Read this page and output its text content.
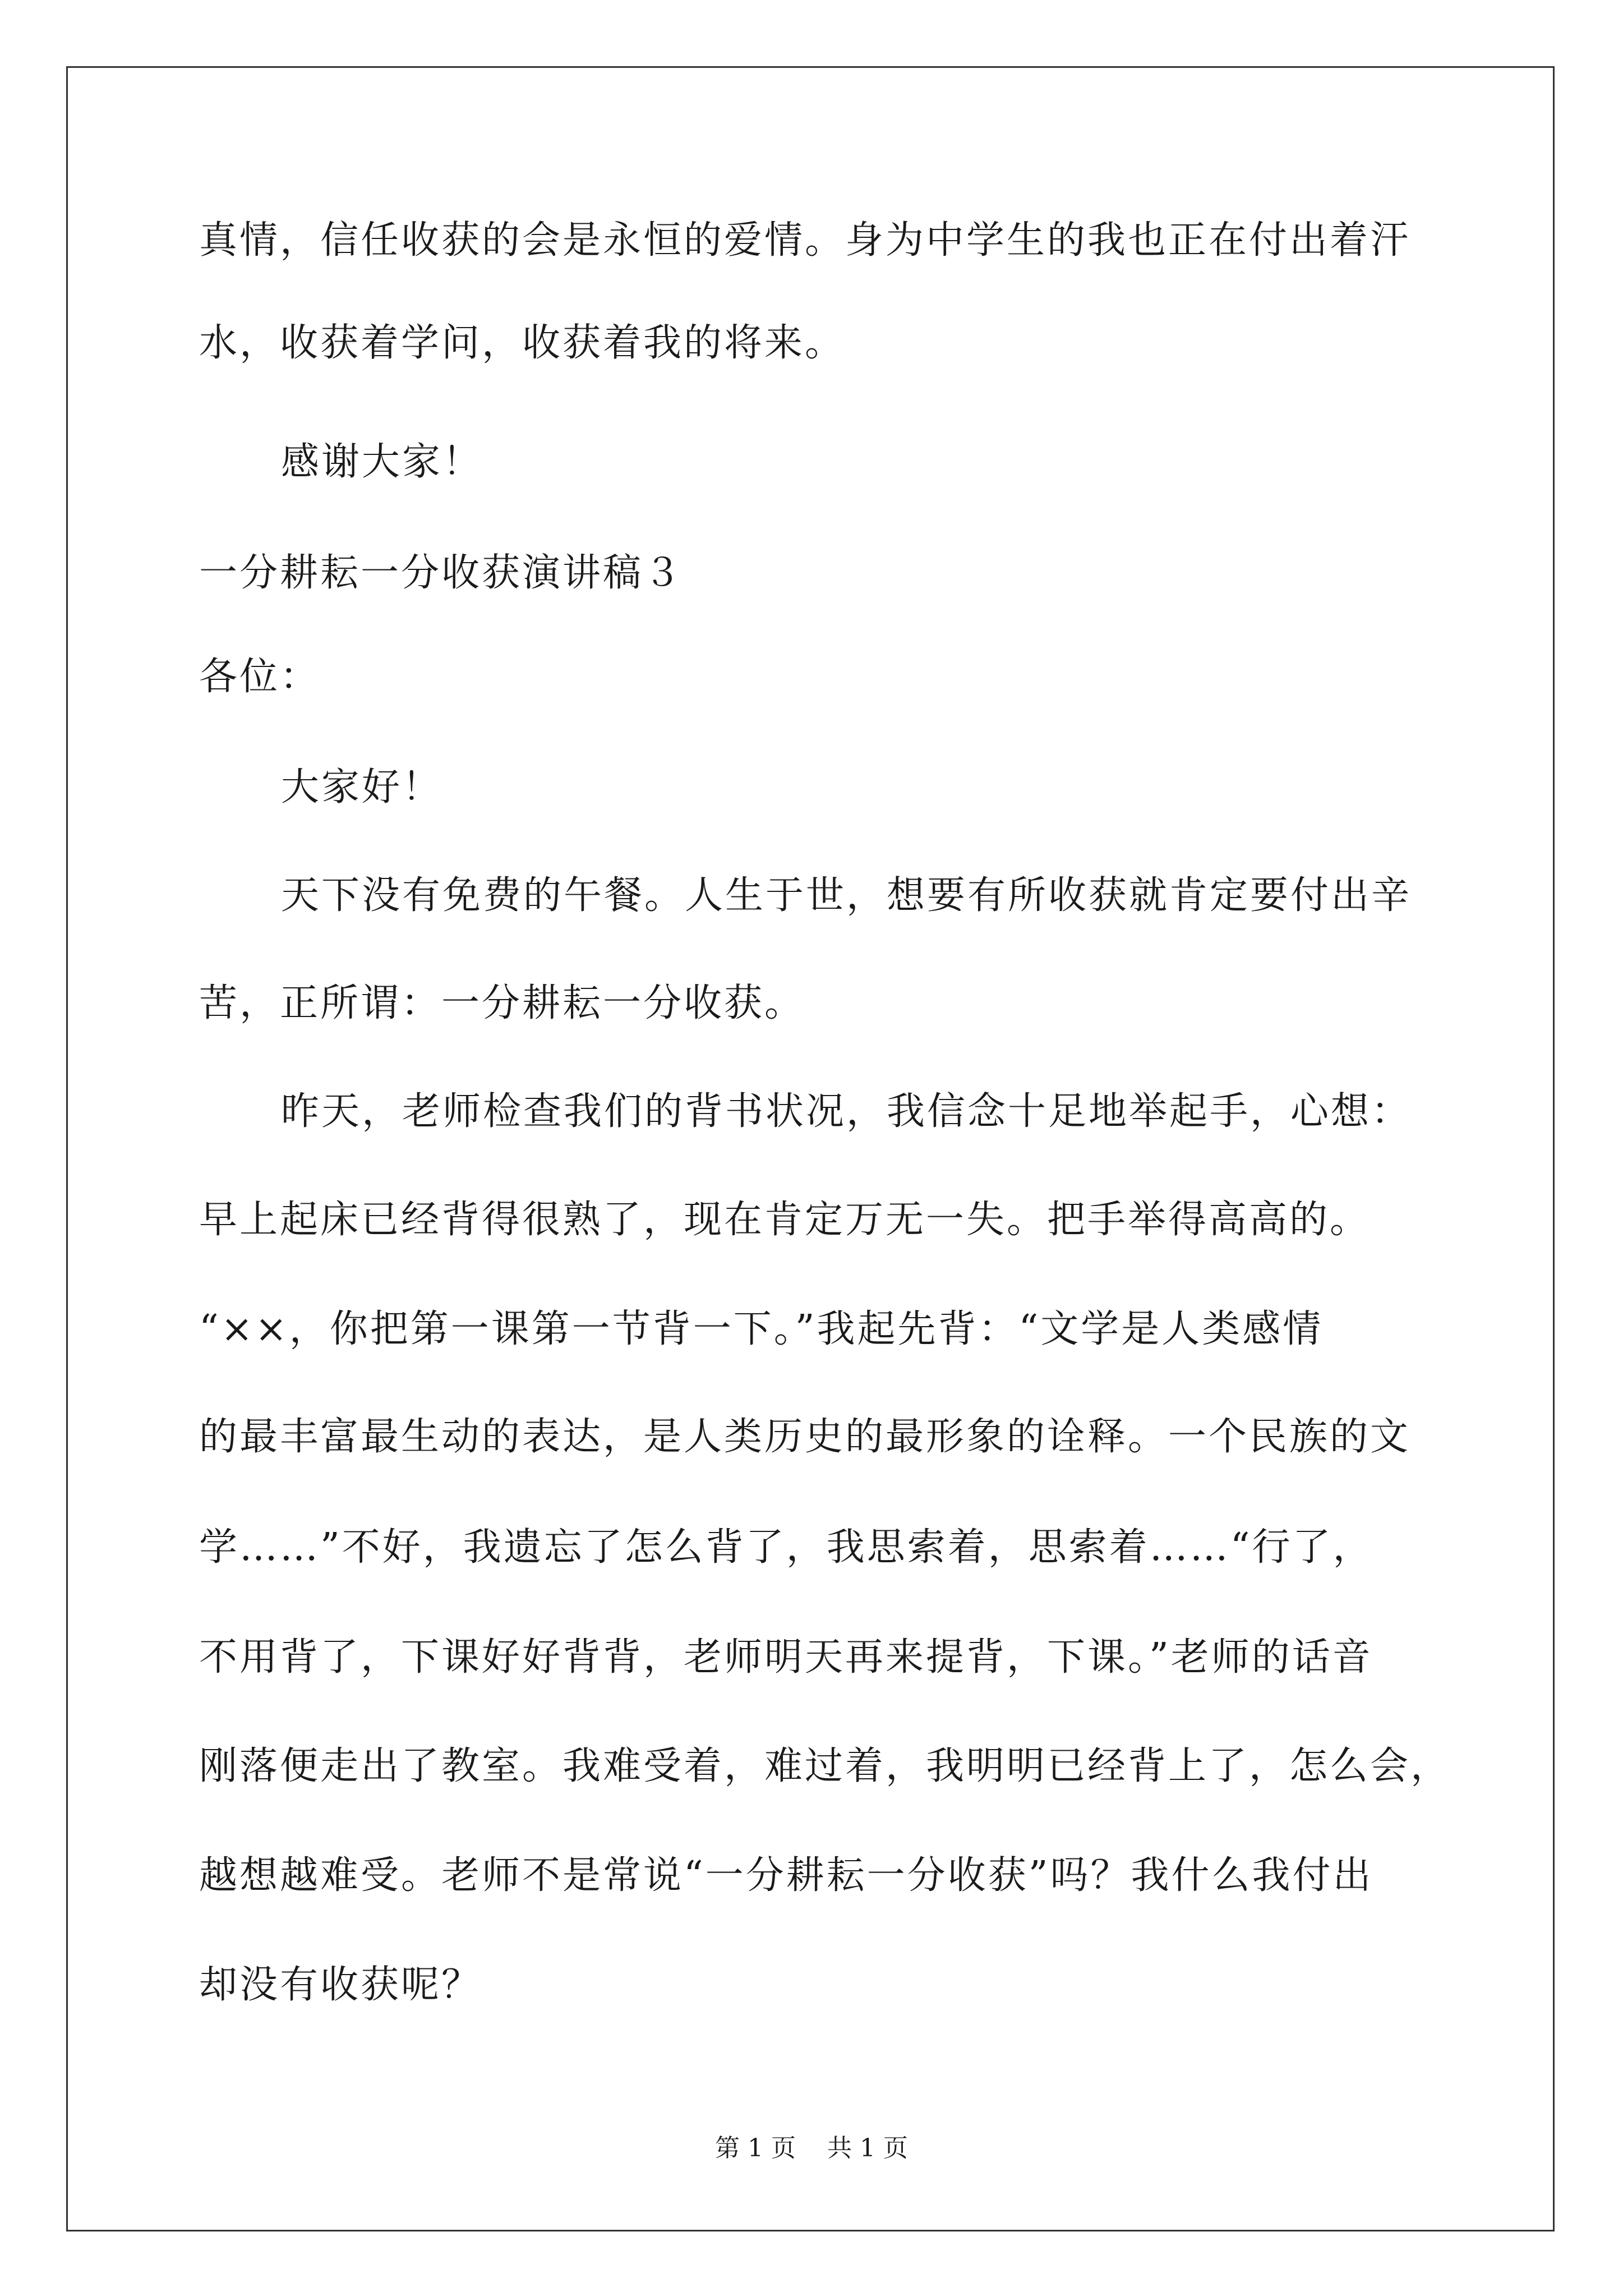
真情，信任收获的会是永恒的爱情。身为中学生的我也正在付出着汗
水，收获着学问，收获着我的将来。
感谢大家！
一分耕耘一分收获演讲稿３
各位：
大家好！
天下没有免费的午餐。人生于世，想要有所收获就肯定要付出辛
苦，正所谓：一分耕耘一分收获。
昨天，老师检查我们的背书状况，我信念十足地举起手，心想：
早上起床已经背得很熟了，现在肯定万无一失。把手举得高高的。
“××，你把第一课第一节背一下。”我起先背：“文学是人类感情
的最丰富最生动的表达，是人类历史的最形象的诠释。一个民族的文
学……”不好，我遗忘了怎么背了，我思索着，思索着……“行了，
不用背了，下课好好背背，老师明天再来提背，下课。”老师的话音
刚落便走出了教室。我难受着，难过着，我明明已经背上了，怎么会，
越想越难受。老师不是常说“一分耕耘一分收获”吗？我什么我付出
却没有收获呢？
第 1 页    共 1 页
